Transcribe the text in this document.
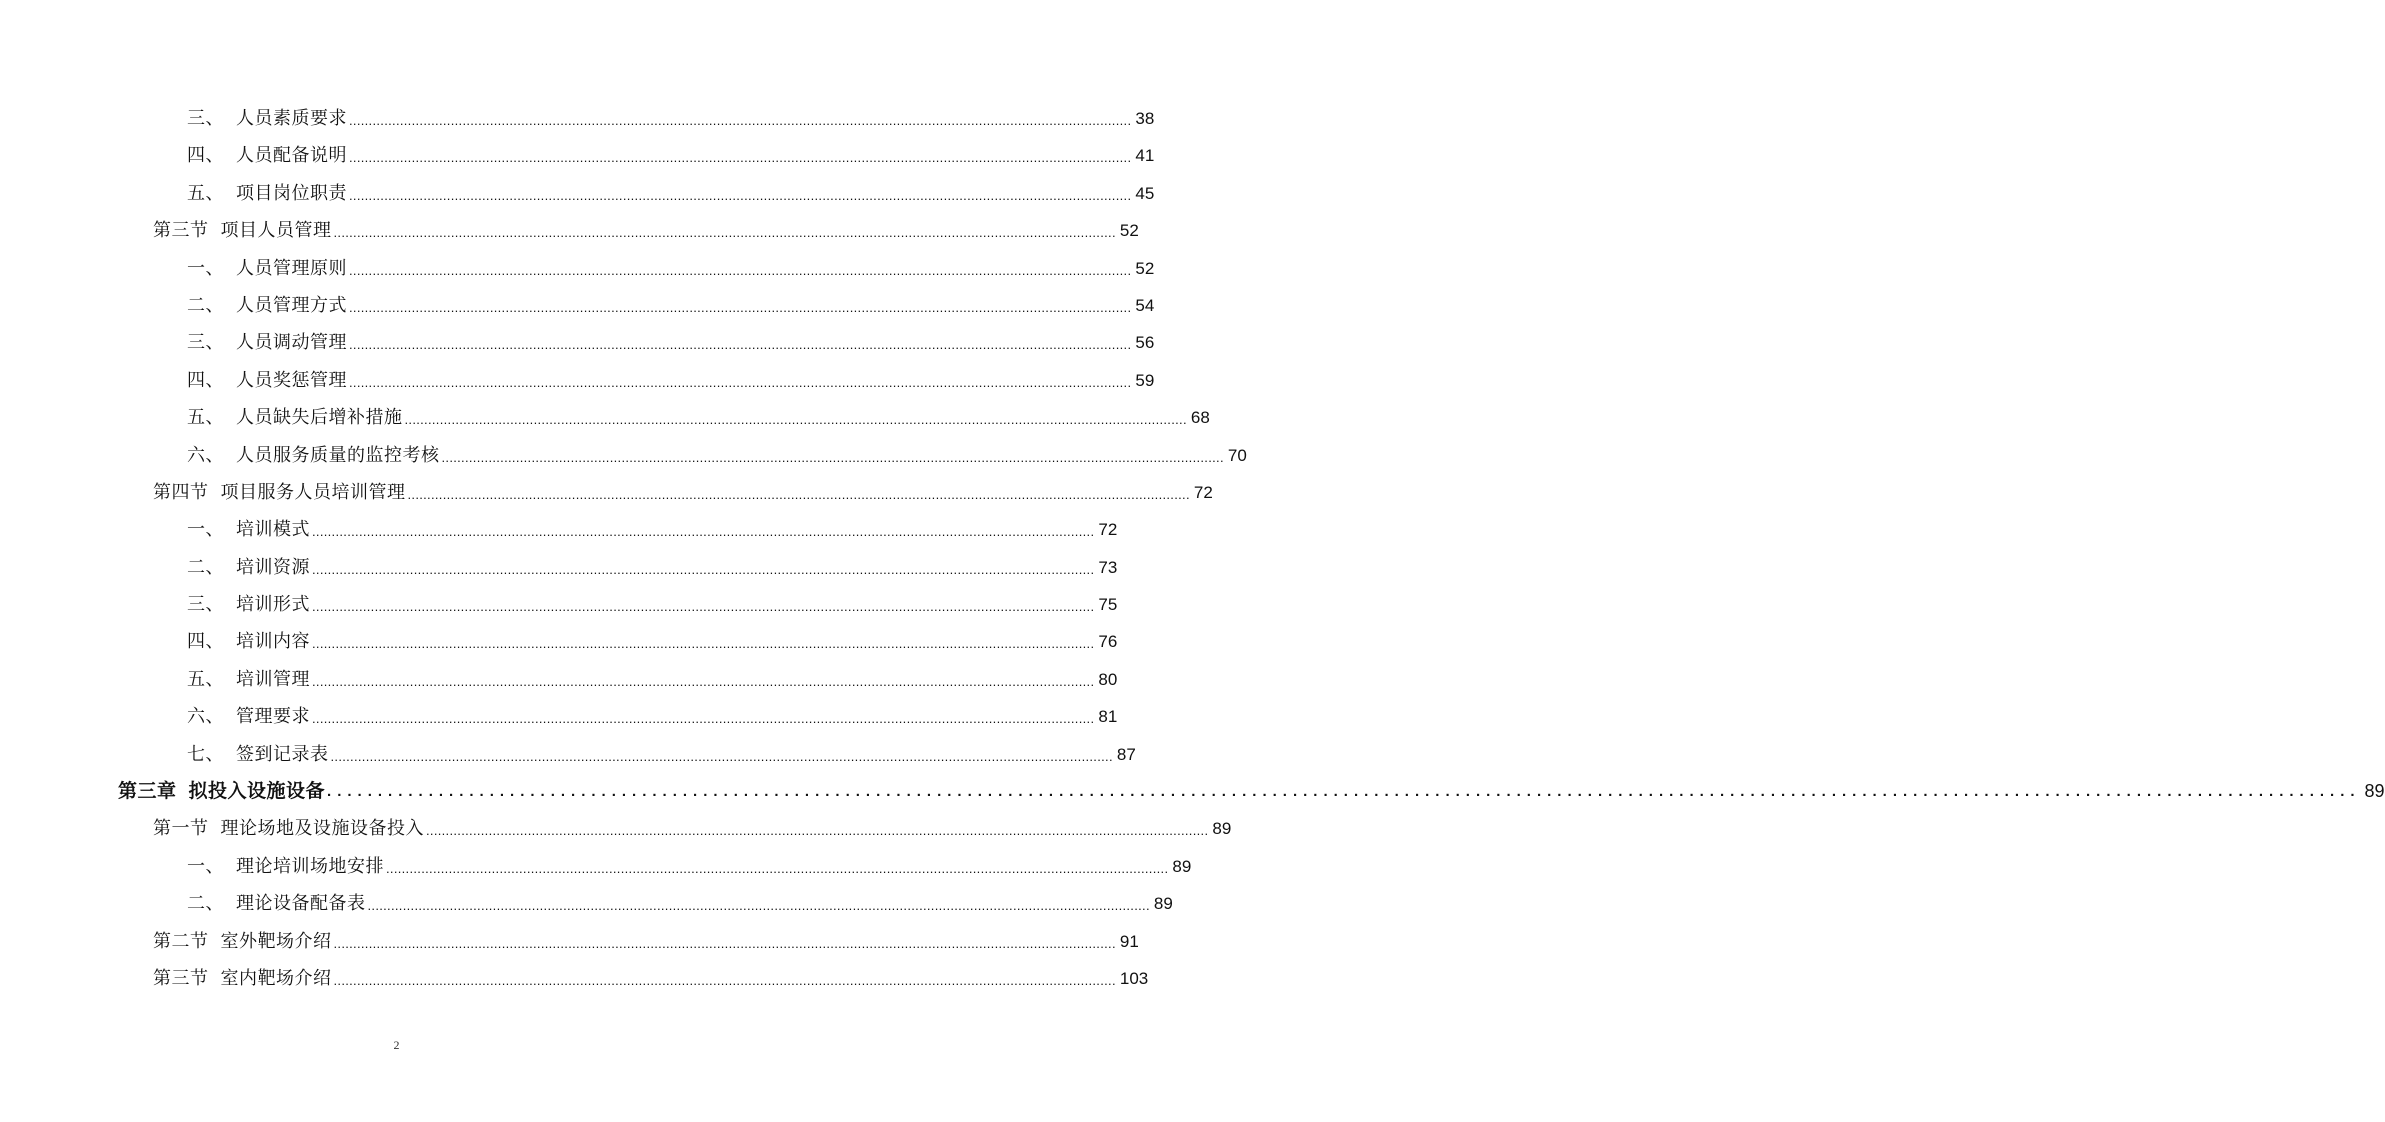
三、 人员素质要求 ........................................................................................................................................................................................................ 38
四、 人员配备说明 ........................................................................................................................................................................................................ 41
五、 项目岗位职责 ........................................................................................................................................................................................................ 45
第三节 项目人员管理 ........................................................................................................................................................................................................ 52
一、 人员管理原则 ........................................................................................................................................................................................................ 52
二、 人员管理方式 ........................................................................................................................................................................................................ 54
三、 人员调动管理 ........................................................................................................................................................................................................ 56
四、 人员奖惩管理 ........................................................................................................................................................................................................ 59
五、 人员缺失后增补措施 ........................................................................................................................................................................................................ 68
六、 人员服务质量的监控考核 ........................................................................................................................................................................................................ 70
第四节 项目服务人员培训管理 ........................................................................................................................................................................................................ 72
一、 培训模式 ........................................................................................................................................................................................................ 72
二、 培训资源 ........................................................................................................................................................................................................ 73
三、 培训形式 ........................................................................................................................................................................................................ 75
四、 培训内容 ........................................................................................................................................................................................................ 76
五、 培训管理 ........................................................................................................................................................................................................ 80
六、 管理要求 ........................................................................................................................................................................................................ 81
七、 签到记录表 ........................................................................................................................................................................................................ 87
第三章 拟投入设施设备 ........................................................................................................................................................................................................ 89
第一节 理论场地及设施设备投入 ........................................................................................................................................................................................................ 89
一、 理论培训场地安排 ........................................................................................................................................................................................................ 89
二、 理论设备配备表 ........................................................................................................................................................................................................ 89
第二节 室外靶场介绍 ........................................................................................................................................................................................................ 91
第三节 室内靶场介绍 ........................................................................................................................................................................................................ 103
2
